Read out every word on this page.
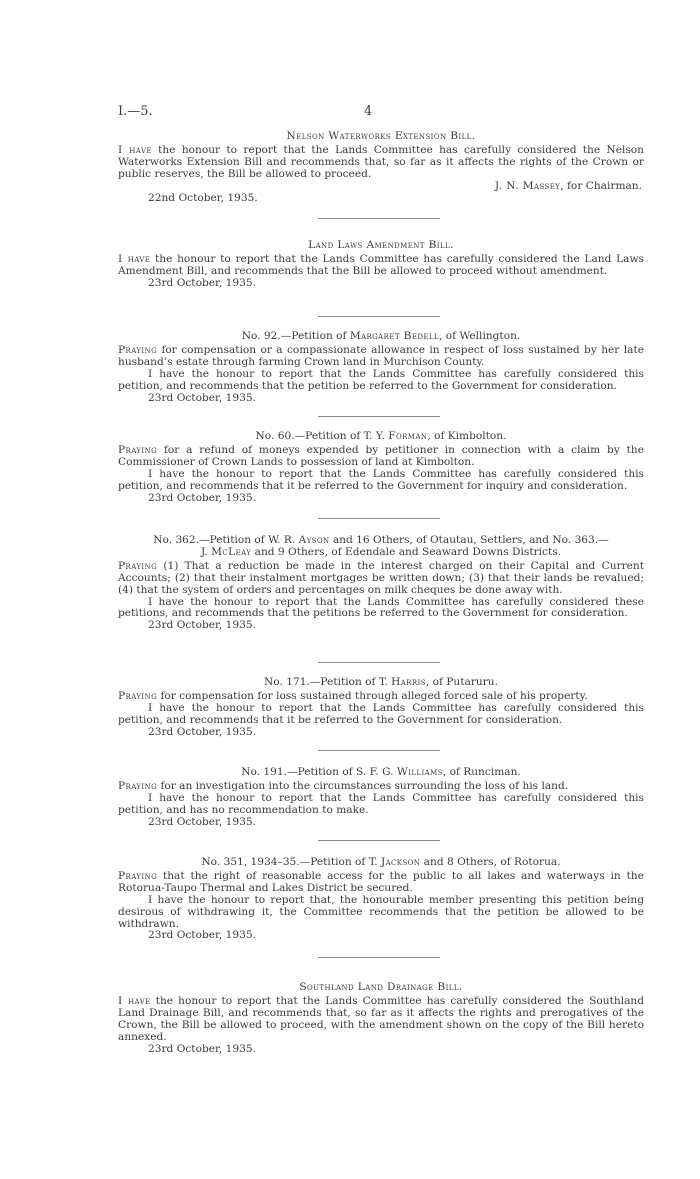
I.—5.	4
Nelson Waterworks Extension Bill.

I have the honour to report that the Lands Committee has carefully considered the Nelson Waterworks Extension Bill and recommends that, so far as it affects the rights of the Crown or public reserves, the Bill be allowed to proceed.

J. N. Massey, for Chairman.
22nd October, 1935.
Land Laws Amendment Bill.

I have the honour to report that the Lands Committee has carefully considered the Land Laws Amendment Bill, and recommends that the Bill be allowed to proceed without amendment.

23rd October, 1935.
No. 92.—Petition of Margaret Bedell, of Wellington.

Praying for compensation or a compassionate allowance in respect of loss sustained by her late husband’s estate through farming Crown land in Murchison County.

I have the honour to report that the Lands Committee has carefully considered this petition, and recommends that the petition be referred to the Government for consideration.

23rd October, 1935.
No. 60.—Petition of T. Y. Forman, of Kimbolton.

Praying for a refund of moneys expended by petitioner in connection with a claim by the Commissioner of Crown Lands to possession of land at Kimbolton.

I have the honour to report that the Lands Committee has carefully considered this petition, and recommends that it be referred to the Government for inquiry and consideration.

23rd October, 1935.
No. 362.—Petition of W. R. Ayson and 16 Others, of Otautau, Settlers, and No. 363.—
J. McLeay and 9 Others, of Edendale and Seaward Downs Districts.

Praying (1) That a reduction be made in the interest charged on their Capital and Current Accounts; (2) that their instalment mortgages be written down; (3) that their lands be revalued; (4) that the system of orders and percentages on milk cheques be done away with.

I have the honour to report that the Lands Committee has carefully considered these petitions, and recommends that the petitions be referred to the Government for consideration.

23rd October, 1935.
No. 171.—Petition of T. Harris, of Putaruru.

Praying for compensation for loss sustained through alleged forced sale of his property.

I have the honour to report that the Lands Committee has carefully considered this petition, and recommends that it be referred to the Government for consideration.

23rd October, 1935.
No. 191.—Petition of S. F. G. Williams, of Runciman.

Praying for an investigation into the circumstances surrounding the loss of his land.

I have the honour to report that the Lands Committee has carefully considered this petition, and has no recommendation to make.

23rd October, 1935.
No. 351, 1934–35.—Petition of T. Jackson and 8 Others, of Rotorua.

Praying that the right of reasonable access for the public to all lakes and waterways in the Rotorua-Taupo Thermal and Lakes District be secured.

I have the honour to report that, the honourable member presenting this petition being desirous of withdrawing it, the Committee recommends that the petition be allowed to be withdrawn.

23rd October, 1935.
Southland Land Drainage Bill.

I have the honour to report that the Lands Committee has carefully considered the Southland Land Drainage Bill, and recommends that, so far as it affects the rights and prerogatives of the Crown, the Bill be allowed to proceed, with the amendment shown on the copy of the Bill hereto annexed.

23rd October, 1935.
